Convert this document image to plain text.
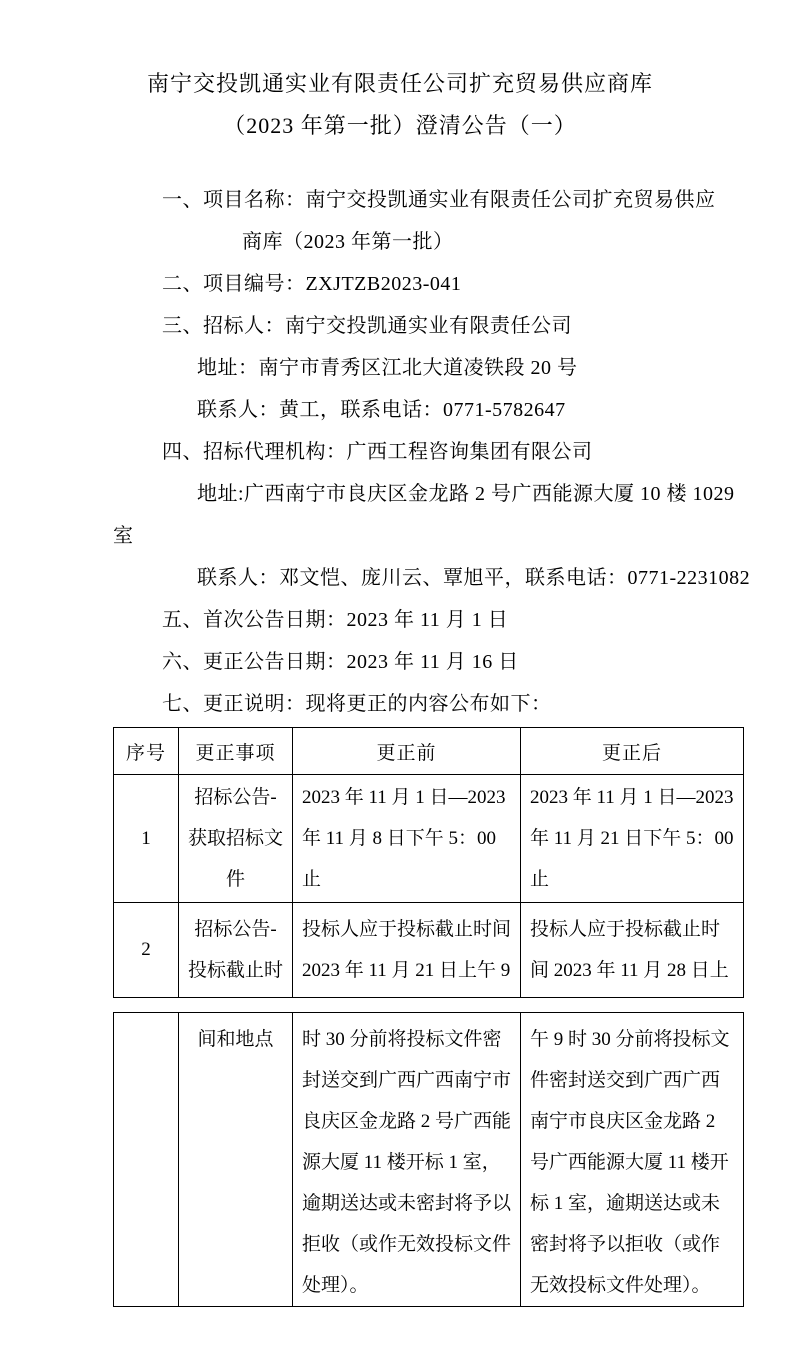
南宁交投凯通实业有限责任公司扩充贸易供应商库
（2023 年第一批）澄清公告（一）
一、项目名称：南宁交投凯通实业有限责任公司扩充贸易供应
商库（2023 年第一批）
二、项目编号：ZXJTZB2023-041
三、招标人：南宁交投凯通实业有限责任公司
地址：南宁市青秀区江北大道凌铁段 20 号
联系人：黄工，联系电话：0771-5782647
四、招标代理机构：广西工程咨询集团有限公司
地址:广西南宁市良庆区金龙路 2 号广西能源大厦 10 楼 1029
室
联系人：邓文恺、庞川云、覃旭平，联系电话：0771-2231082
五、首次公告日期：2023 年 11 月 1 日
六、更正公告日期：2023 年 11 月 16 日
七、更正说明：现将更正的内容公布如下：
序号	更正事项	更正前	更正后
1	招标公告-获取招标文件	2023 年 11 月 1 日—2023 年 11 月 8 日下午 5：00 止	2023 年 11 月 1 日—2023 年 11 月 21 日下午 5：00 止
2	招标公告-投标截止时	投标人应于投标截止时间 2023 年 11 月 21 日上午 9	投标人应于投标截止时 间 2023 年 11 月 28 日上
	间和地点	时 30 分前将投标文件密封送交到广西广西南宁市良庆区金龙路 2 号广西能源大厦 11 楼开标 1 室，逾期送达或未密封将予以拒收（或作无效投标文件处理）。	午 9 时 30 分前将投标文件密封送交到广西广西南宁市良庆区金龙路 2 号广西能源大厦 11 楼开标 1 室，逾期送达或未密封将予以拒收（或作无效投标文件处理）。
